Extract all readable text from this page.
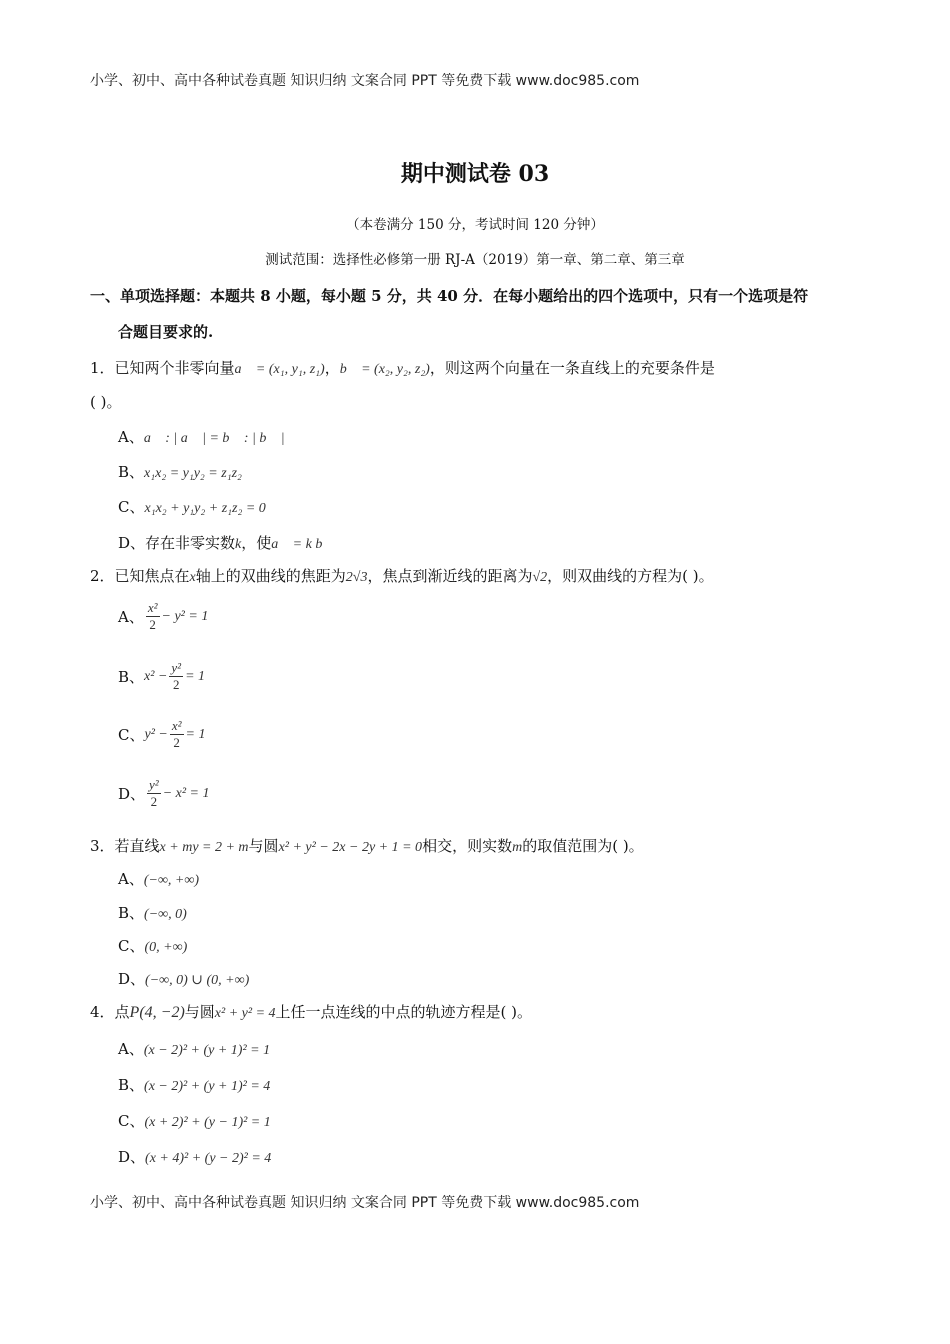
小学、初中、高中各种试卷真题 知识归纳 文案合同 PPT 等免费下载 www.doc985.com
期中测试卷 03
（本卷满分 150 分，考试时间 120 分钟）
测试范围：选择性必修第一册 RJ-A（2019）第一章、第二章、第三章
一、单项选择题：本题共 8 小题，每小题 5 分，共 40 分．在每小题给出的四个选项中，只有一个选项是符
合题目要求的.
1．已知两个非零向量a⃗ = (x₁, y₁, z₁)，b⃗ = (x₂, y₂, z₂)，则这两个向量在一条直线上的充要条件是
( )。
A、a⃗ : | a⃗ | = b⃗ : | b⃗ |
B、x₁x₂ = y₁y₂ = z₁z₂
C、x₁x₂ + y₁y₂ + z₁z₂ = 0
D、存在非零实数k，使a⃗ = k b⃗
2．已知焦点在x轴上的双曲线的焦距为2√3，焦点到渐近线的距离为√2，则双曲线的方程为( )。
A、 $\frac{\text{x²}}{2} - y^2 = 1$
B、 $x^2 - \frac{\text{y²}}{2} = 1$
C、 $y^2 - \frac{\text{x²}}{2} = 1$
D、 $\frac{\text{y²}}{2} - x^2 = 1$
3．若直线x + my = 2 + m与圆x² + y² − 2x − 2y + 1 = 0相交，则实数m的取值范围为( )。
A、(−∞, +∞)
B、(−∞, 0)
C、(0, +∞)
D、(−∞, 0) ∪ (0, +∞)
4．点P(4, −2)与圆x² + y² = 4上任一点连线的中点的轨迹方程是( )。
A、(x − 2)² + (y + 1)² = 1
B、(x − 2)² + (y + 1)² = 4
C、(x + 2)² + (y − 1)² = 1
D、(x + 4)² + (y − 2)² = 4
小学、初中、高中各种试卷真题 知识归纳 文案合同 PPT 等免费下载 www.doc985.com
